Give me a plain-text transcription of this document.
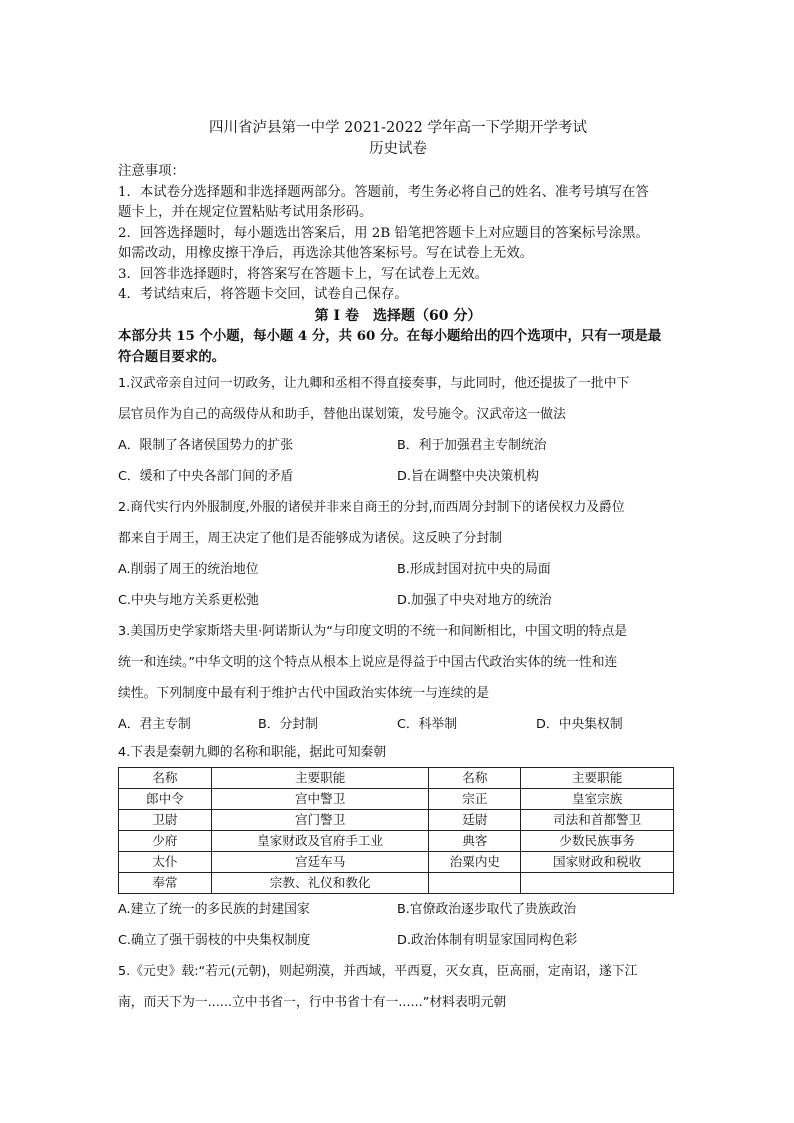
四川省泸县第一中学 2021-2022 学年高一下学期开学考试

历史试卷

注意事项：

1．本试卷分选择题和非选择题两部分。答题前，考生务必将自己的姓名、准考号填写在答

题卡上，并在规定位置粘贴考试用条形码。

2．回答选择题时，每小题选出答案后，用 2B 铅笔把答题卡上对应题目的答案标号涂黑。

如需改动，用橡皮擦干净后，再选涂其他答案标号。写在试卷上无效。

3．回答非选择题时，将答案写在答题卡上，写在试卷上无效。

4．考试结束后，将答题卡交回，试卷自己保存。

第 I 卷　选择题（60 分）

本部分共 15 个小题，每小题 4 分，共 60 分。在每小题给出的四个选项中，只有一项是最

符合题目要求的。

1.汉武帝亲自过问一切政务，让九卿和丞相不得直接奏事，与此同时，他还提拔了一批中下

层官员作为自己的高级侍从和助手，替他出谋划策，发号施令。汉武帝这一做法

A．限制了各诸侯国势力的扩张	B．利于加强君主专制统治
C．缓和了中央各部门间的矛盾	D.旨在调整中央决策机构

2.商代实行内外服制度,外服的诸侯并非来自商王的分封,而西周分封制下的诸侯权力及爵位

都来自于周王，周王决定了他们是否能够成为诸侯。这反映了分封制

A.削弱了周王的统治地位	B.形成封国对抗中央的局面
C.中央与地方关系更松弛	D.加强了中央对地方的统治

3.美国历史学家斯塔夫里·阿诺斯认为“与印度文明的不统一和间断相比，中国文明的特点是

统一和连续。”中华文明的这个特点从根本上说应是得益于中国古代政治实体的统一性和连

续性。下列制度中最有利于维护古代中国政治实体统一与连续的是

A．君主专制	B．分封制	C．科举制	D．中央集权制

4.下表是秦朝九卿的名称和职能，据此可知秦朝

名称	主要职能	名称	主要职能
郎中令	宫中警卫	宗正	皇室宗族
卫尉	宫门警卫	廷尉	司法和首都警卫
少府	皇家财政及官府手工业	典客	少数民族事务
太仆	宫廷车马	治粟内史	国家财政和税收
奉常	宗教、礼仪和教化		
A.建立了统一的多民族的封建国家	B.官僚政治逐步取代了贵族政治
C.确立了强干弱枝的中央集权制度	D.政治体制有明显家国同构色彩

5.《元史》载:“若元(元朝)，则起朔漠，并西域，平西夏，灭女真，臣高丽，定南诏，遂下江

南，而天下为一......立中书省一，行中书省十有一......”材料表明元朝
